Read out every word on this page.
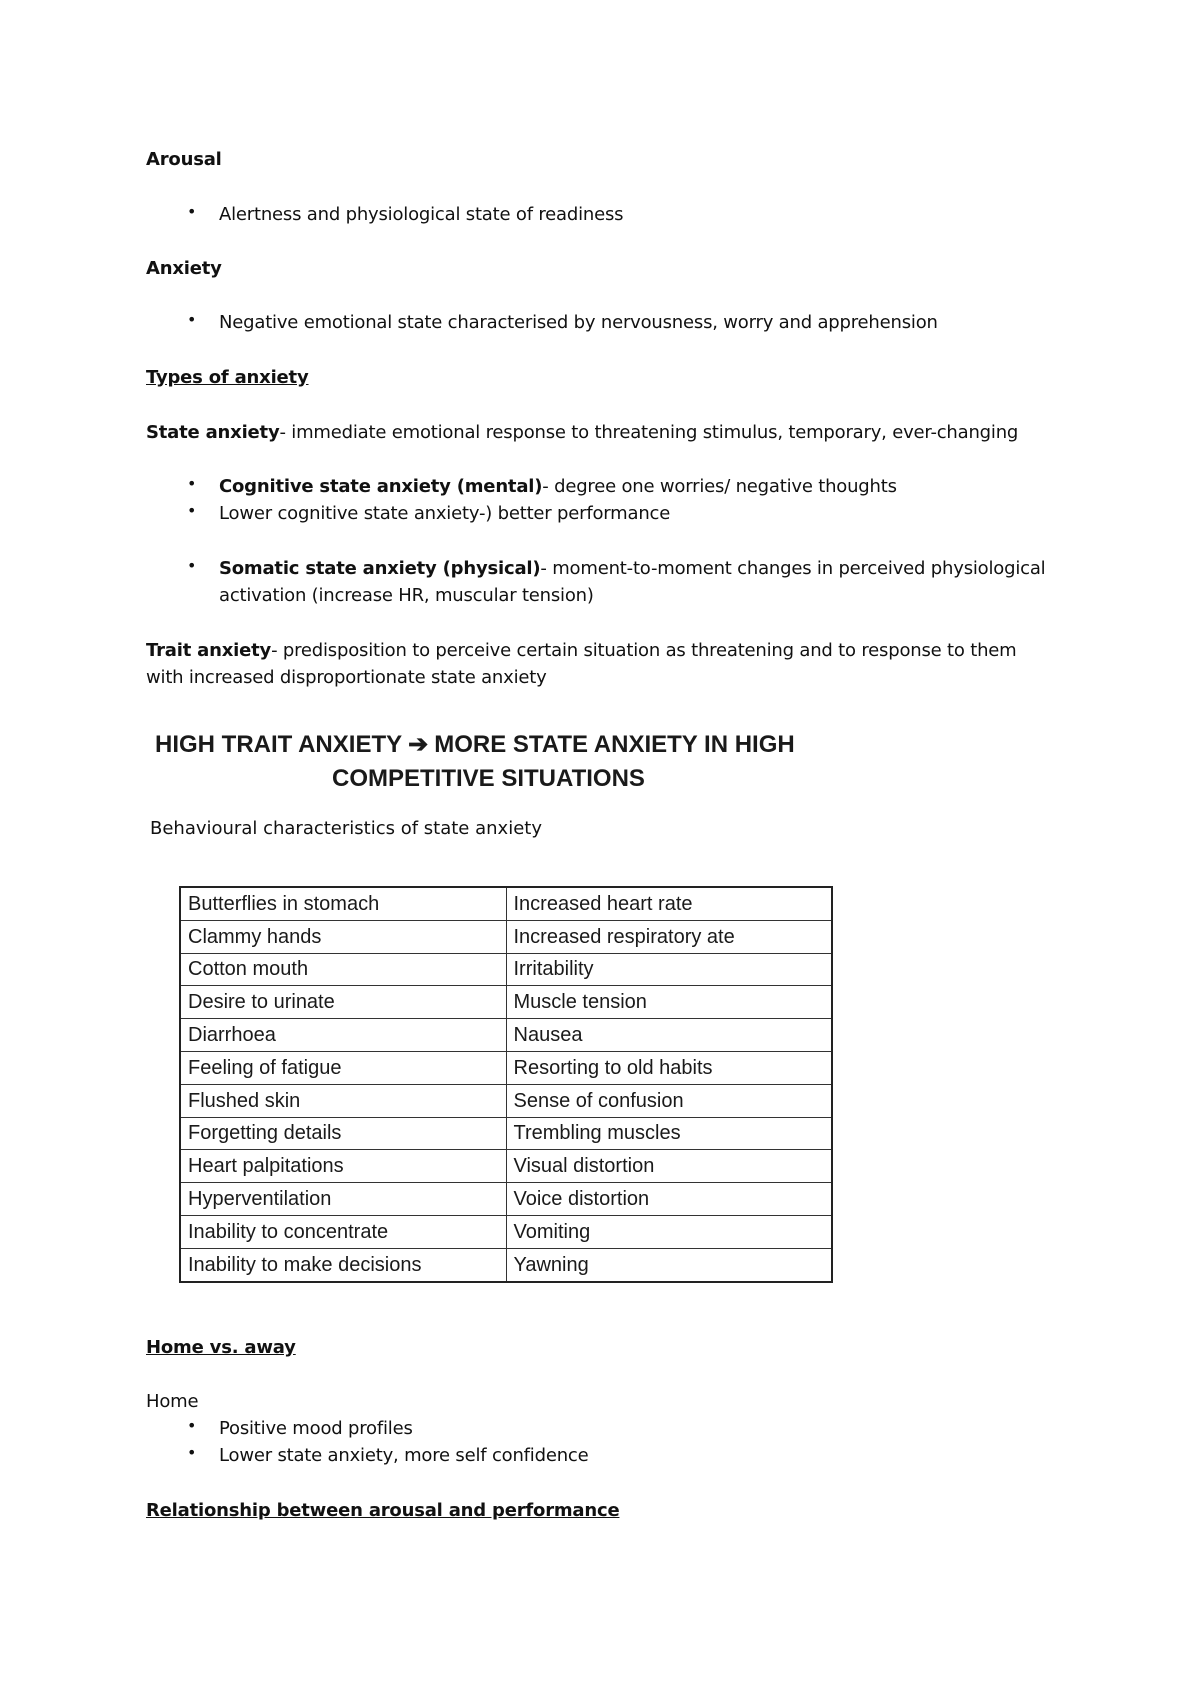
Arousal
• Alertness and physiological state of readiness
Anxiety
• Negative emotional state characterised by nervousness, worry and apprehension
Types of anxiety
State anxiety- immediate emotional response to threatening stimulus, temporary, ever-changing
• Cognitive state anxiety (mental)- degree one worries/ negative thoughts
• Lower cognitive state anxiety-) better performance
• Somatic state anxiety (physical)- moment-to-moment changes in perceived physiological activation (increase HR, muscular tension)
Trait anxiety- predisposition to perceive certain situation as threatening and to response to them with increased disproportionate state anxiety
HIGH TRAIT ANXIETY ➔ MORE STATE ANXIETY IN HIGH
COMPETITIVE SITUATIONS
Behavioural characteristics of state anxiety
Butterflies in stomach	Increased heart rate
Clammy hands	Increased respiratory ate
Cotton mouth	Irritability
Desire to urinate	Muscle tension
Diarrhoea	Nausea
Feeling of fatigue	Resorting to old habits
Flushed skin	Sense of confusion
Forgetting details	Trembling muscles
Heart palpitations	Visual distortion
Hyperventilation	Voice distortion
Inability to concentrate	Vomiting
Inability to make decisions	Yawning
Home vs. away
Home
• Positive mood profiles
• Lower state anxiety, more self confidence
Relationship between arousal and performance
